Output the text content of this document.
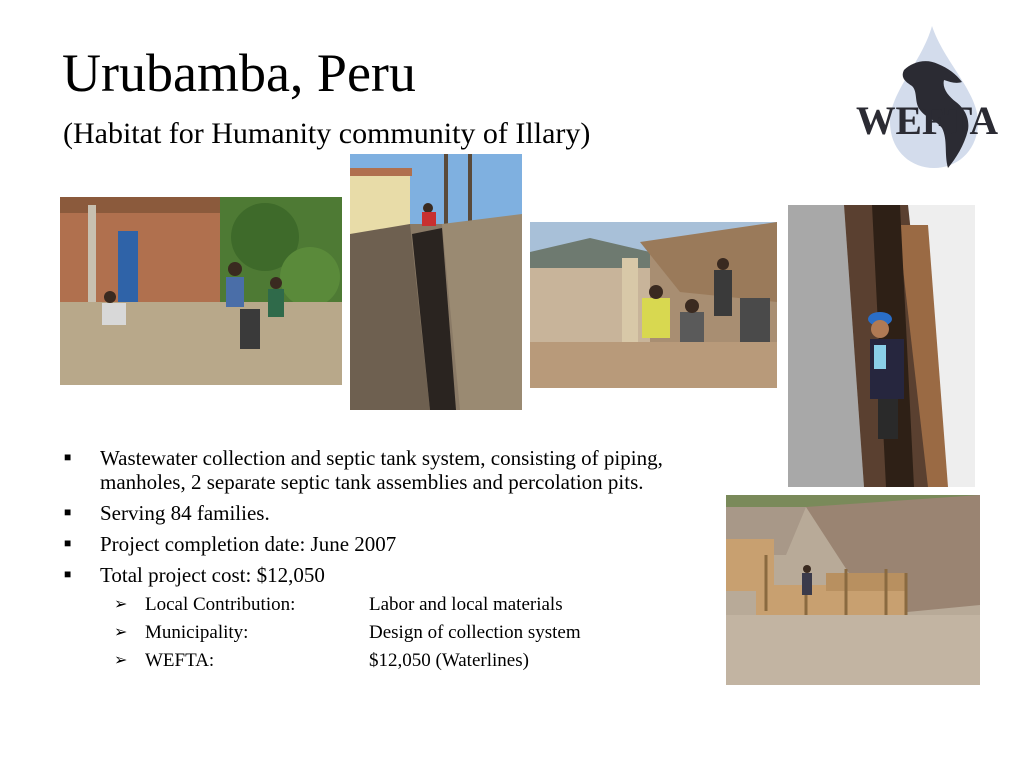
Urubamba, Peru
(Habitat for Humanity community of Illary)	WEFTA
■ Wastewater collection and septic tank system, consisting of piping, manholes, 2 separate septic tank assemblies and percolation pits.
■ Serving 84 families.
■ Project completion date: June 2007
■ Total project cost: $12,050
➢ Local Contribution:	Labor and local materials
➢ Municipality:	Design of collection system
➢ WEFTA:	$12,050 (Waterlines)
